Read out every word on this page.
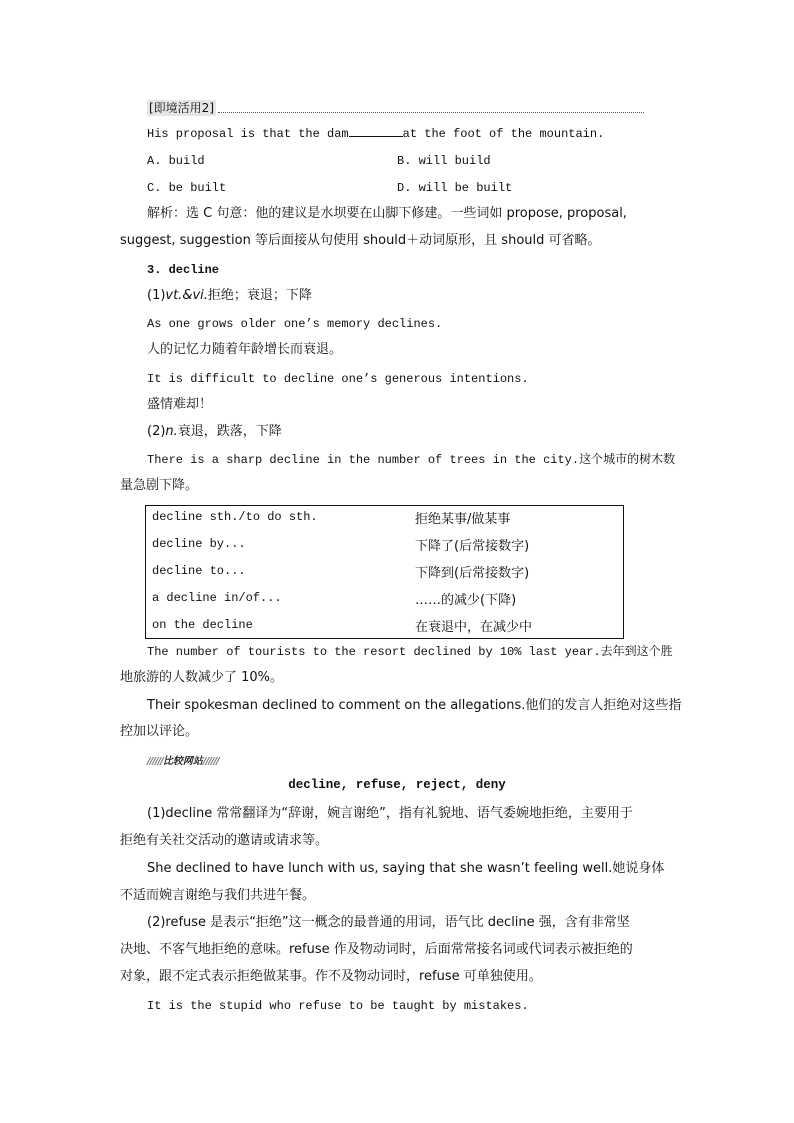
[即境活用2]
His proposal is that the dam	at the foot of the mountain.
A. build	B. will build
C. be built	D. will be built
解析：选 C 句意：他的建议是水坝要在山脚下修建。一些词如 propose, proposal,
suggest, suggestion 等后面接从句使用 should＋动词原形，且 should 可省略。
3. decline
(1)vt.&vi.拒绝；衰退；下降
As one grows older one’s memory declines.
人的记忆力随着年龄增长而衰退。
It is difficult to decline one’s generous intentions.
盛情难却！
(2)n.衰退，跌落，下降
There is a sharp decline in the number of trees in the city.这个城市的树木数
量急剧下降。
decline sth./to do sth.	拒绝某事/做某事
decline by...	下降了(后常接数字)
decline to...	下降到(后常接数字)
a decline in/of...	……的减少(下降)
on the decline	在衰退中，在减少中
The number of tourists to the resort declined by 10% last year.去年到这个胜
地旅游的人数减少了 10%。
Their spokesman declined to comment on the allegations.他们的发言人拒绝对这些指
控加以评论。
//////比较网站//////
decline, refuse, reject, deny
(1)decline 常常翻译为“辞谢，婉言谢绝”，指有礼貌地、语气委婉地拒绝，主要用于
拒绝有关社交活动的邀请或请求等。
She declined to have lunch with us, saying that she wasn’t feeling well.她说身体
不适而婉言谢绝与我们共进午餐。
(2)refuse 是表示“拒绝”这一概念的最普通的用词，语气比 decline 强，含有非常坚
决地、不客气地拒绝的意味。refuse 作及物动词时，后面常常接名词或代词表示被拒绝的
对象，跟不定式表示拒绝做某事。作不及物动词时，refuse 可单独使用。
It is the stupid who refuse to be taught by mistakes.
